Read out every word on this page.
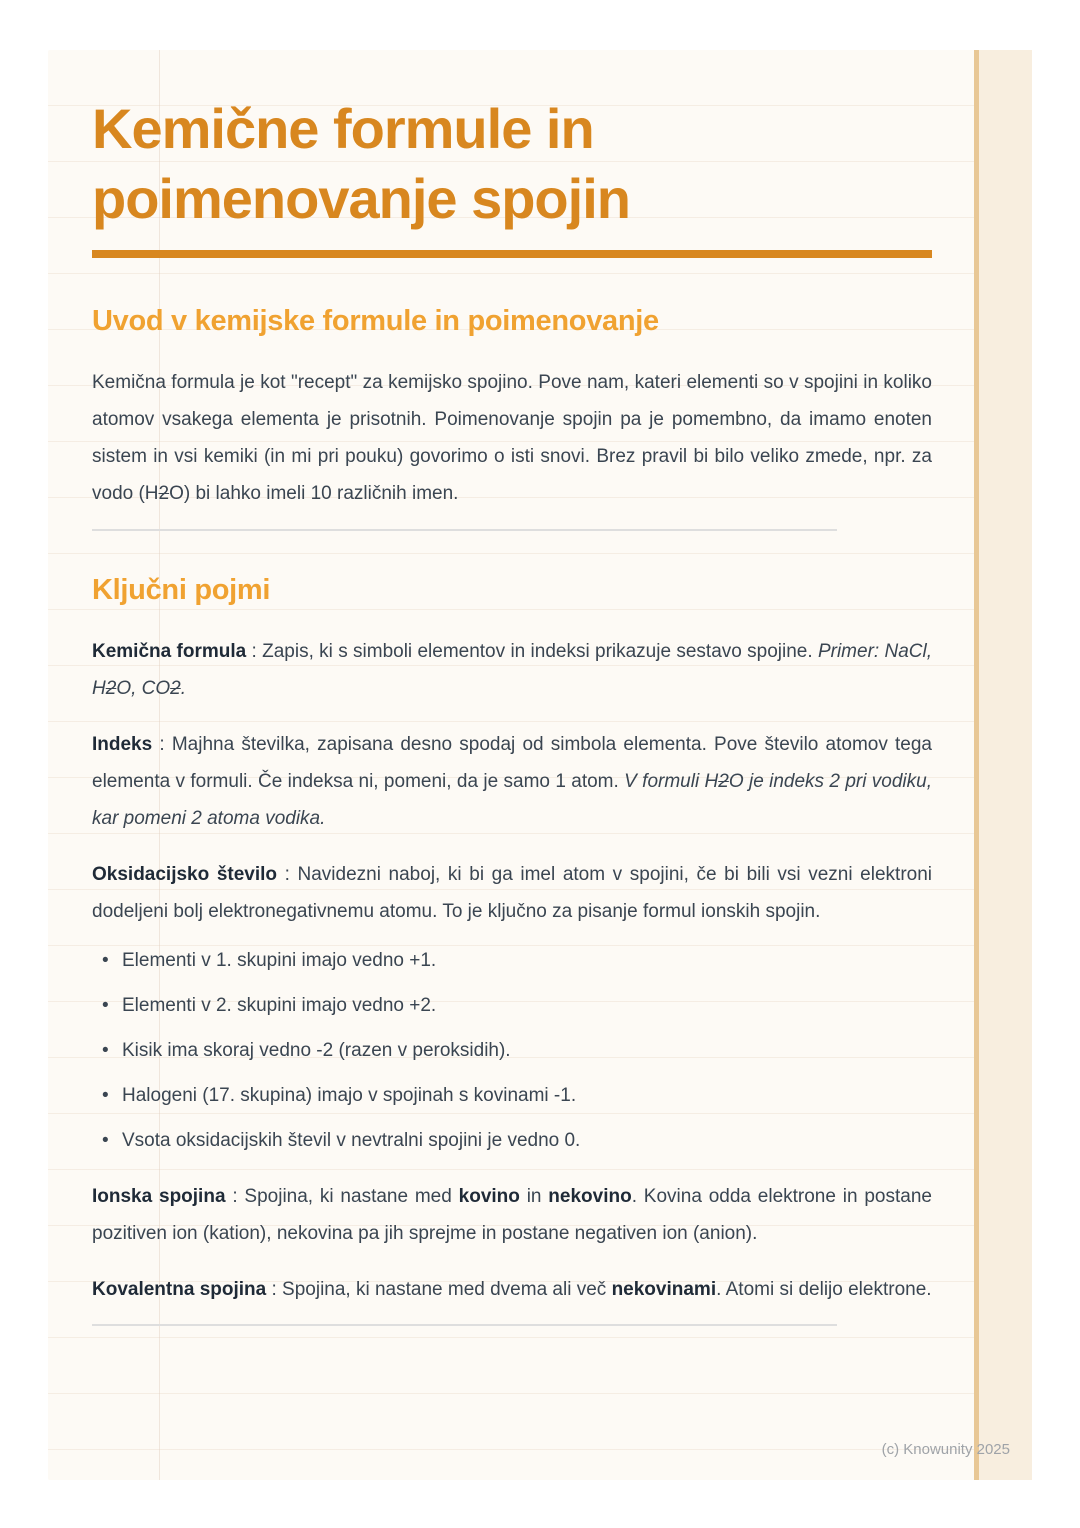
Kemične formule in
poimenovanje spojin
Uvod v kemijske formule in poimenovanje

Kemična formula je kot "recept" za kemijsko spojino. Pove nam, kateri elementi so v spojini in koliko atomov vsakega elementa je prisotnih. Poimenovanje spojin pa je pomembno, da imamo enoten sistem in vsi kemiki (in mi pri pouku) govorimo o isti snovi. Brez pravil bi bilo veliko zmede, npr. za vodo (H2O) bi lahko imeli 10 različnih imen.

Ključni pojmi

Kemična formula : Zapis, ki s simboli elementov in indeksi prikazuje sestavo spojine. Primer: NaCl, H2O, CO2.

Indeks : Majhna številka, zapisana desno spodaj od simbola elementa. Pove število atomov tega elementa v formuli. Če indeksa ni, pomeni, da je samo 1 atom. V formuli H2O je indeks 2 pri vodiku, kar pomeni 2 atoma vodika.

Oksidacijsko število : Navidezni naboj, ki bi ga imel atom v spojini, če bi bili vsi vezni elektroni dodeljeni bolj elektronegativnemu atomu. To je ključno za pisanje formul ionskih spojin.

• Elementi v 1. skupini imajo vedno +1.
• Elementi v 2. skupini imajo vedno +2.
• Kisik ima skoraj vedno -2 (razen v peroksidih).
• Halogeni (17. skupina) imajo v spojinah s kovinami -1.
• Vsota oksidacijskih števil v nevtralni spojini je vedno 0.

Ionska spojina : Spojina, ki nastane med kovino in nekovino. Kovina odda elektrone in postane pozitiven ion (kation), nekovina pa jih sprejme in postane negativen ion (anion).

Kovalentna spojina : Spojina, ki nastane med dvema ali več nekovinami. Atomi si delijo elektrone.

(c) Knowunity 2025
